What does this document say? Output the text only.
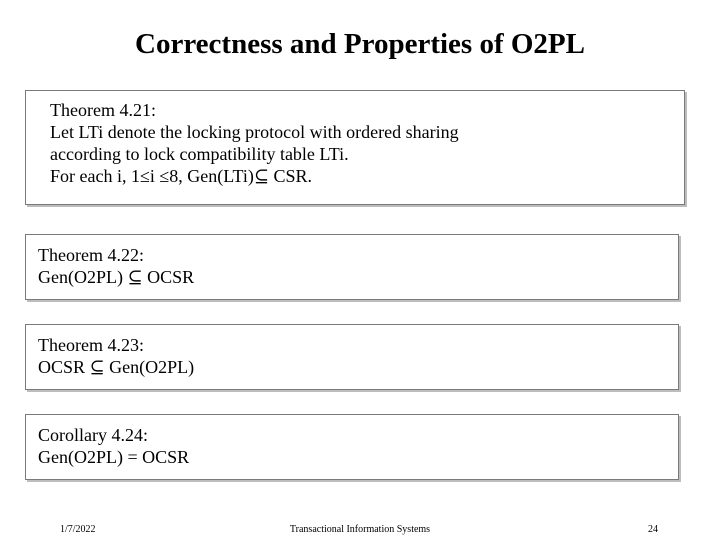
Correctness and Properties of O2PL
Theorem 4.21:
Let LTi denote the locking protocol with ordered sharing
according to lock compatibility table LTi.
For each i, 1≤i ≤8, Gen(LTi)⊆ CSR.
Theorem 4.22:
Gen(O2PL) ⊆ OCSR
Theorem 4.23:
OCSR ⊆ Gen(O2PL)
Corollary 4.24:
Gen(O2PL) = OCSR
1/7/2022	Transactional Information Systems	24
